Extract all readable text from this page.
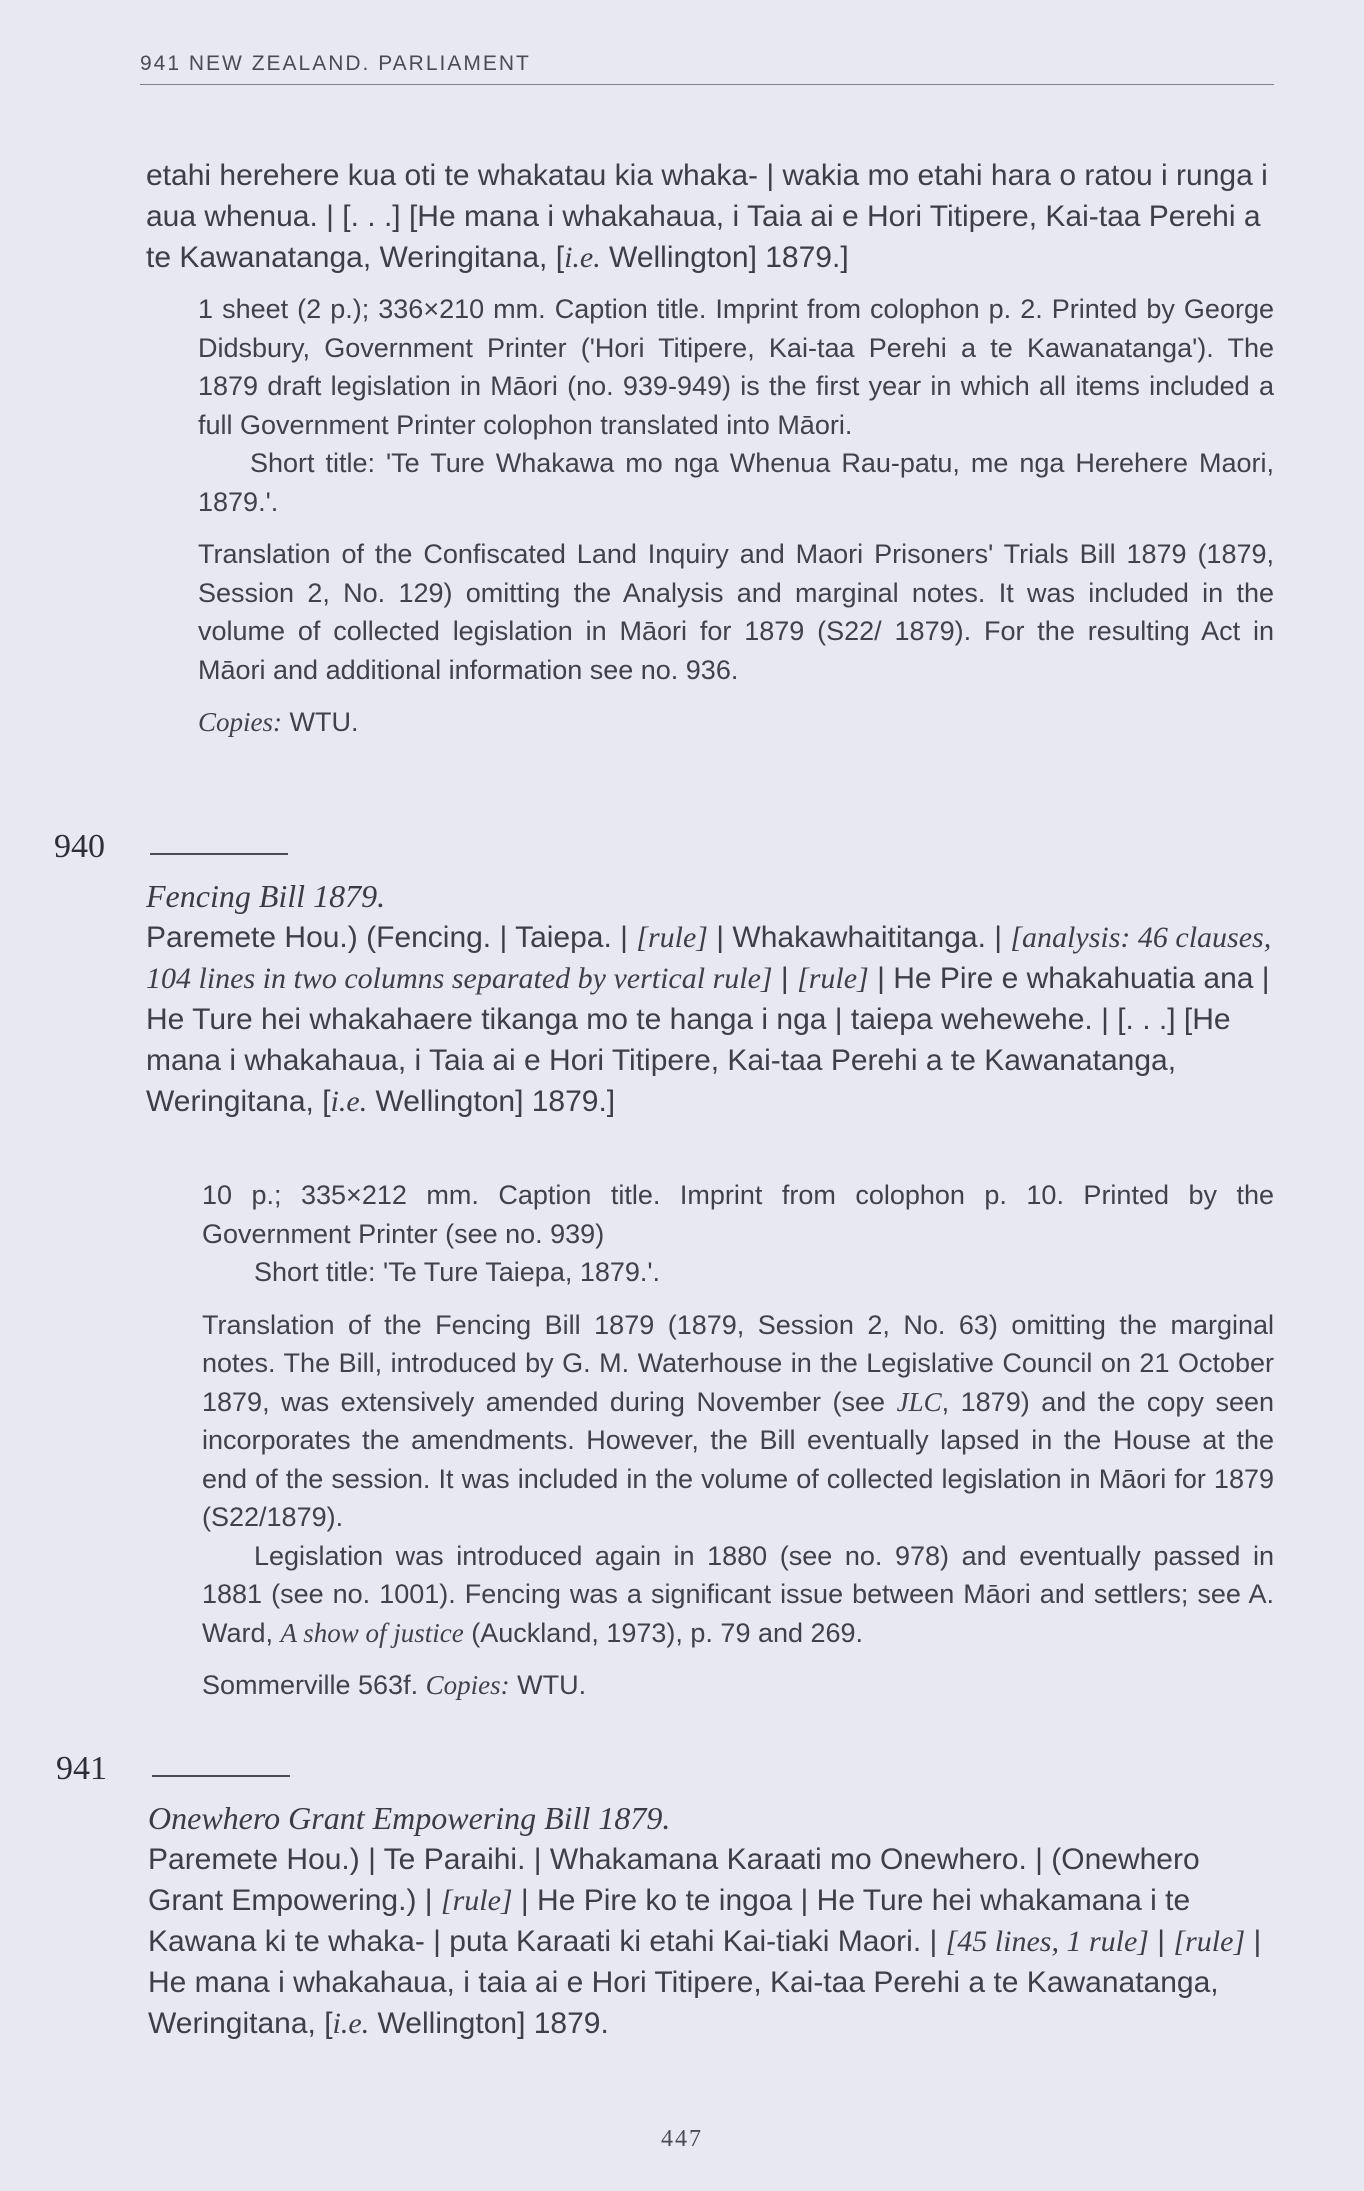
941 NEW ZEALAND. PARLIAMENT

etahi herehere kua oti te whakatau kia whaka- | wakia mo etahi hara o ratou i runga i aua whenua. | [. . .] [He mana i whakahaua, i Taia ai e Hori Titipere, Kai-taa Perehi a te Kawanatanga, Weringitana, [i.e. Wellington] 1879.]

1 sheet (2 p.); 336×210 mm. Caption title. Imprint from colophon p. 2. Printed by George Didsbury, Government Printer ('Hori Titipere, Kai-taa Perehi a te Kawanatanga'). The 1879 draft legislation in Māori (no. 939-949) is the first year in which all items included a full Government Printer colophon translated into Māori.

Short title: 'Te Ture Whakawa mo nga Whenua Rau-patu, me nga Herehere Maori, 1879.'.

Translation of the Confiscated Land Inquiry and Maori Prisoners' Trials Bill 1879 (1879, Session 2, No. 129) omitting the Analysis and marginal notes. It was included in the volume of collected legislation in Māori for 1879 (S22/ 1879). For the resulting Act in Māori and additional information see no. 936.

Copies: WTU.

940

Fencing Bill 1879.

Paremete Hou.) (Fencing. | Taiepa. | [rule] | Whakawhaititanga. | [analysis: 46 clauses, 104 lines in two columns separated by vertical rule] | [rule] | He Pire e whakahuatia ana | He Ture hei whakahaere tikanga mo te hanga i nga | taiepa wehewehe. | [. . .] [He mana i whakahaua, i Taia ai e Hori Titipere, Kai-taa Perehi a te Kawanatanga, Weringitana, [i.e. Wellington] 1879.]

10 p.; 335×212 mm. Caption title. Imprint from colophon p. 10. Printed by the Government Printer (see no. 939)

Short title: 'Te Ture Taiepa, 1879.'.

Translation of the Fencing Bill 1879 (1879, Session 2, No. 63) omitting the marginal notes. The Bill, introduced by G. M. Waterhouse in the Legislative Council on 21 October 1879, was extensively amended during November (see JLC, 1879) and the copy seen incorporates the amendments. However, the Bill eventually lapsed in the House at the end of the session. It was included in the volume of collected legislation in Māori for 1879 (S22/1879).

Legislation was introduced again in 1880 (see no. 978) and eventually passed in 1881 (see no. 1001). Fencing was a significant issue between Māori and settlers; see A. Ward, A show of justice (Auckland, 1973), p. 79 and 269.

Sommerville 563f. Copies: WTU.

941

Onewhero Grant Empowering Bill 1879.

Paremete Hou.) | Te Paraihi. | Whakamana Karaati mo Onewhero. | (Onewhero Grant Empowering.) | [rule] | He Pire ko te ingoa | He Ture hei whakamana i te Kawana ki te whaka- | puta Karaati ki etahi Kai-tiaki Maori. | [45 lines, 1 rule] | [rule] | He mana i whakahaua, i taia ai e Hori Titipere, Kai-taa Perehi a te Kawanatanga, Weringitana, [i.e. Wellington] 1879.

447
